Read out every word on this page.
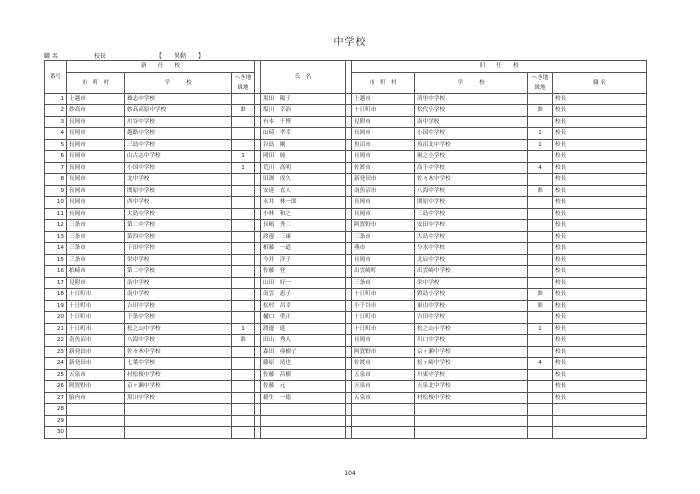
中学校
職 名	校長	【　　異動　　】
番号	新　　任　　校				氏　名		旧　　任　　校			
	市　町　村	学　　　校	へき地 級地				市　町　村	学　　　校	へき地 級地	職 名
1	上越市	雄志中学校			黒田　陽子		上越市	清里中学校		校長
2	妙高市	妙高高原中学校	准		塩川　幸治		十日町市	松代小学校	准	校長
3	長岡市	川谷中学校			有本　千博		見附市	南中学校		校長
4	長岡市	越路中学校			山碕　孝幸		長岡市	小国中学校	1	校長
5	長岡市	三島中学校			谷島　剛		魚沼市	魚沼北中学校	1	校長
6	長岡市	山古志中学校	1		岡田　純		長岡市	堀之小学校		校長
7	長岡市	小国中学校	1		荒川　高明		佐渡市	高千中学校	4	校長
8	長岡市	北中学校			田渕　成久		新発田市	佐々木中学校		校長
9	長岡市	関原中学校			安達　直人		南魚沼市	八海中学校	准	校長
10	長岡市	西中学校			永井　林一郎		長岡市	関原中学校		校長
11	長岡市	大島中学校			小林　和之		長岡市	三島中学校		校長
12	三条市	第二中学校			長嶋　秀二		阿賀野市	安田中学校		校長
13	三条市	第四中学校			渡邊　三康		三条市	大島中学校		校長
14	三条市	下田中学校			相藤　一道		燕市	分水中学校		校長
15	三条市	栄中学校			今井　洋子		長岡市	北辰中学校		校長
16	柏崎市	第二中学校			佐藤　登		出雲崎町	出雲崎中学校		校長
17	見附市	南中学校			山田　好一		三条市	栄中学校		校長
18	十日町市	南中学校			南雲　恵子		十日町市	鐙島小学校	准	校長
19	十日町市	吉田中学校			松村　昌幸		小千谷市	東山中学校	准	校長
20	十日町市	下条中学校			樋口　重正		十日町市	吉田中学校		校長
21	十日町市	松之山中学校	1		渡邊　進		十日町市	松之山小学校	1	校長
22	南魚沼市	八海中学校	准		田山　秀人		長岡市	川口中学校		校長
23	新発田市	佐々木中学校			森田　亜樹子		阿賀野市	京ヶ瀬中学校		校長
24	新発田市	七葉中学校			藤原　靖也		佐渡市	松ヶ崎中学校	4	校長
25	五泉市	村松桜中学校			佐藤　昌樹		五泉市	川東中学校		校長
26	阿賀野市	京ヶ瀬中学校			佐藤　元		五泉市	五泉北中学校		校長
27	胎内市	黒川中学校			稲生　一徳		五泉市	村松桜中学校		校長
28										
29										
30										
104
